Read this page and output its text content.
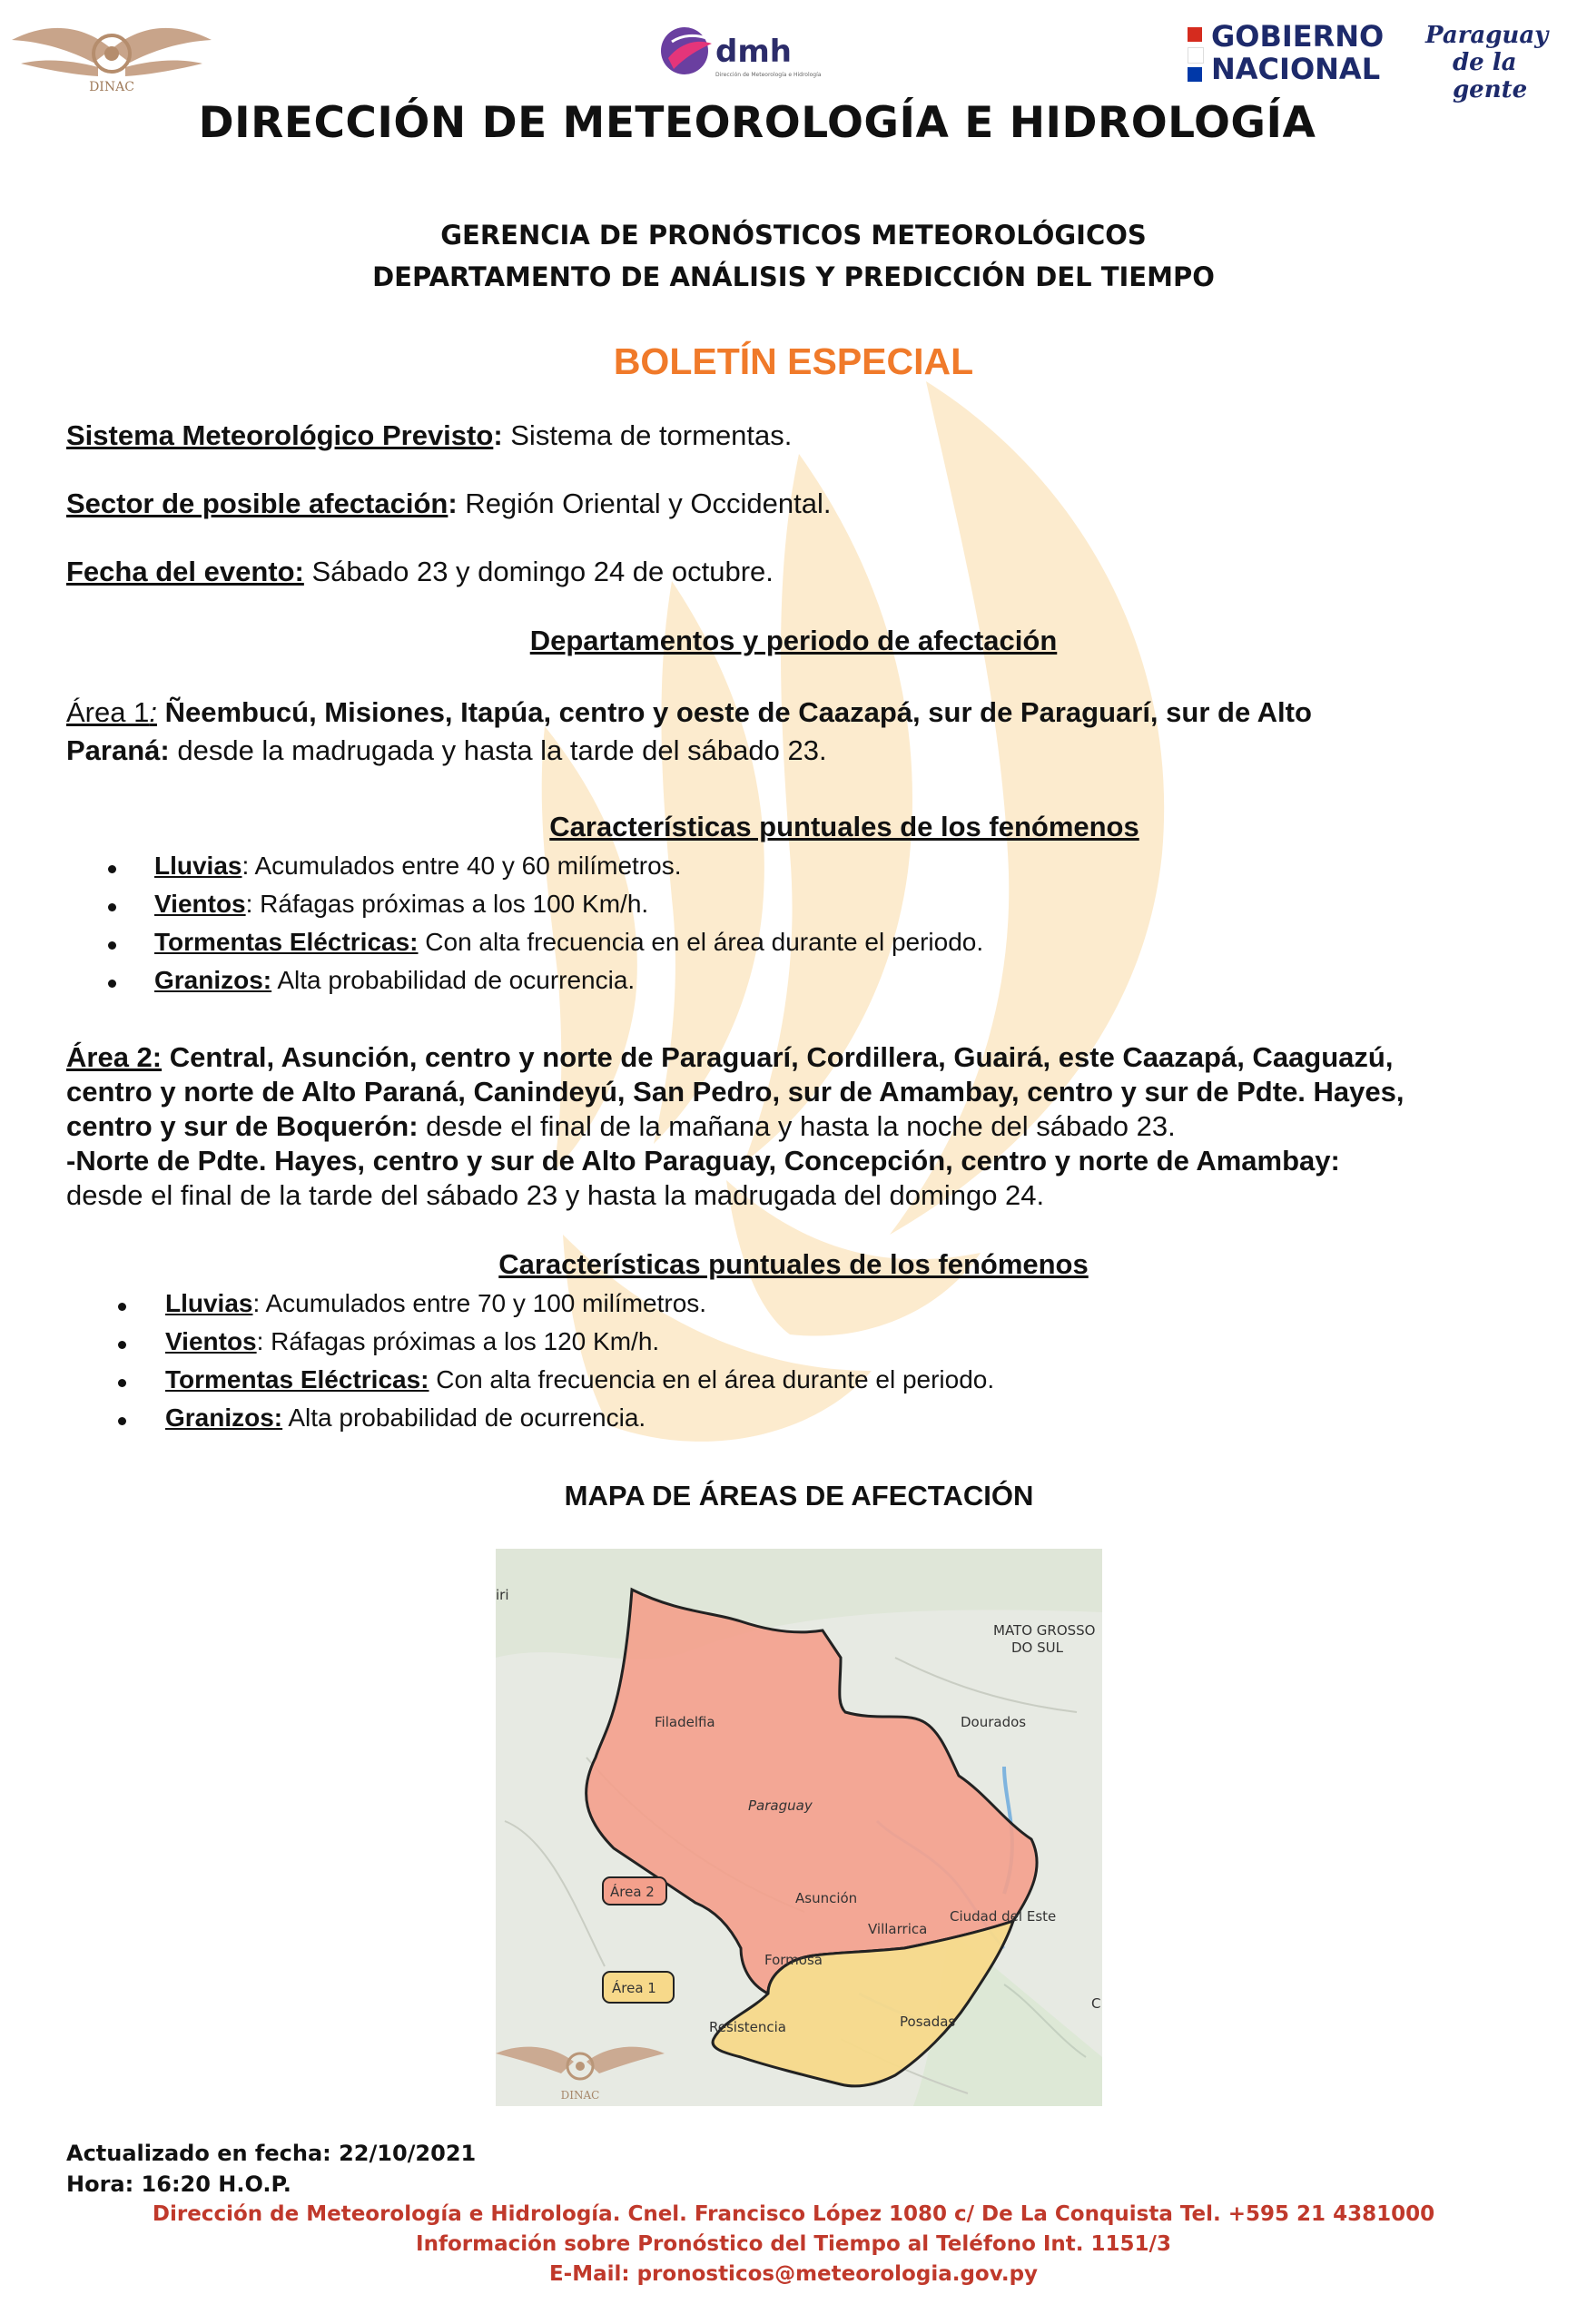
DINAC
dmh
Dirección de Meteorología e Hidrología
GOBIERNO
NACIONAL
Paraguay
de la gente
DIRECCIÓN DE METEOROLOGÍA E HIDROLOGÍA
GERENCIA DE PRONÓSTICOS METEOROLÓGICOS
DEPARTAMENTO DE ANÁLISIS Y PREDICCIÓN DEL TIEMPO
BOLETÍN ESPECIAL
Sistema Meteorológico Previsto: Sistema de tormentas.
Sector de posible afectación: Región Oriental y Occidental.
Fecha del evento: Sábado 23 y domingo 24 de octubre.
Departamentos y periodo de afectación
Área 1: Ñeembucú, Misiones, Itapúa, centro y oeste de Caazapá, sur de Paraguarí, sur de Alto
Paraná: desde la madrugada y hasta la tarde del sábado 23.
Características puntuales de los fenómenos
Lluvias: Acumulados entre 40 y 60 milímetros.
Vientos: Ráfagas próximas a los 100 Km/h.
Tormentas Eléctricas: Con alta frecuencia en el área durante el periodo.
Granizos: Alta probabilidad de ocurrencia.
Área 2: Central, Asunción, centro y norte de Paraguarí, Cordillera, Guairá, este Caazapá, Caaguazú,
centro y norte de Alto Paraná, Canindeyú, San Pedro, sur de Amambay, centro y sur de Pdte. Hayes,
centro y sur de Boquerón: desde el final de la mañana y hasta la noche del sábado 23.
-Norte de Pdte. Hayes, centro y sur de Alto Paraguay, Concepción, centro y norte de Amambay:
desde el final de la tarde del sábado 23 y hasta la madrugada del domingo 24.
Características puntuales de los fenómenos
Lluvias: Acumulados entre 70 y 100 milímetros.
Vientos: Ráfagas próximas a los 120 Km/h.
Tormentas Eléctricas: Con alta frecuencia en el área durante el periodo.
Granizos: Alta probabilidad de ocurrencia.
MAPA DE ÁREAS DE AFECTACIÓN
MATO GROSSO
DO SUL
Dourados
Filadelfia
Paraguay
Asunción
Villarrica
Ciudad del Este
Formosa
Resistencia	Posadas
iri
C
Área 2
Área 1
DINAC
Actualizado en fecha: 22/10/2021
Hora: 16:20 H.O.P.
Dirección de Meteorología e Hidrología. Cnel. Francisco López 1080 c/ De La Conquista Tel. +595 21 4381000
Información sobre Pronóstico del Tiempo al Teléfono Int. 1151/3
E-Mail: pronosticos@meteorologia.gov.py
